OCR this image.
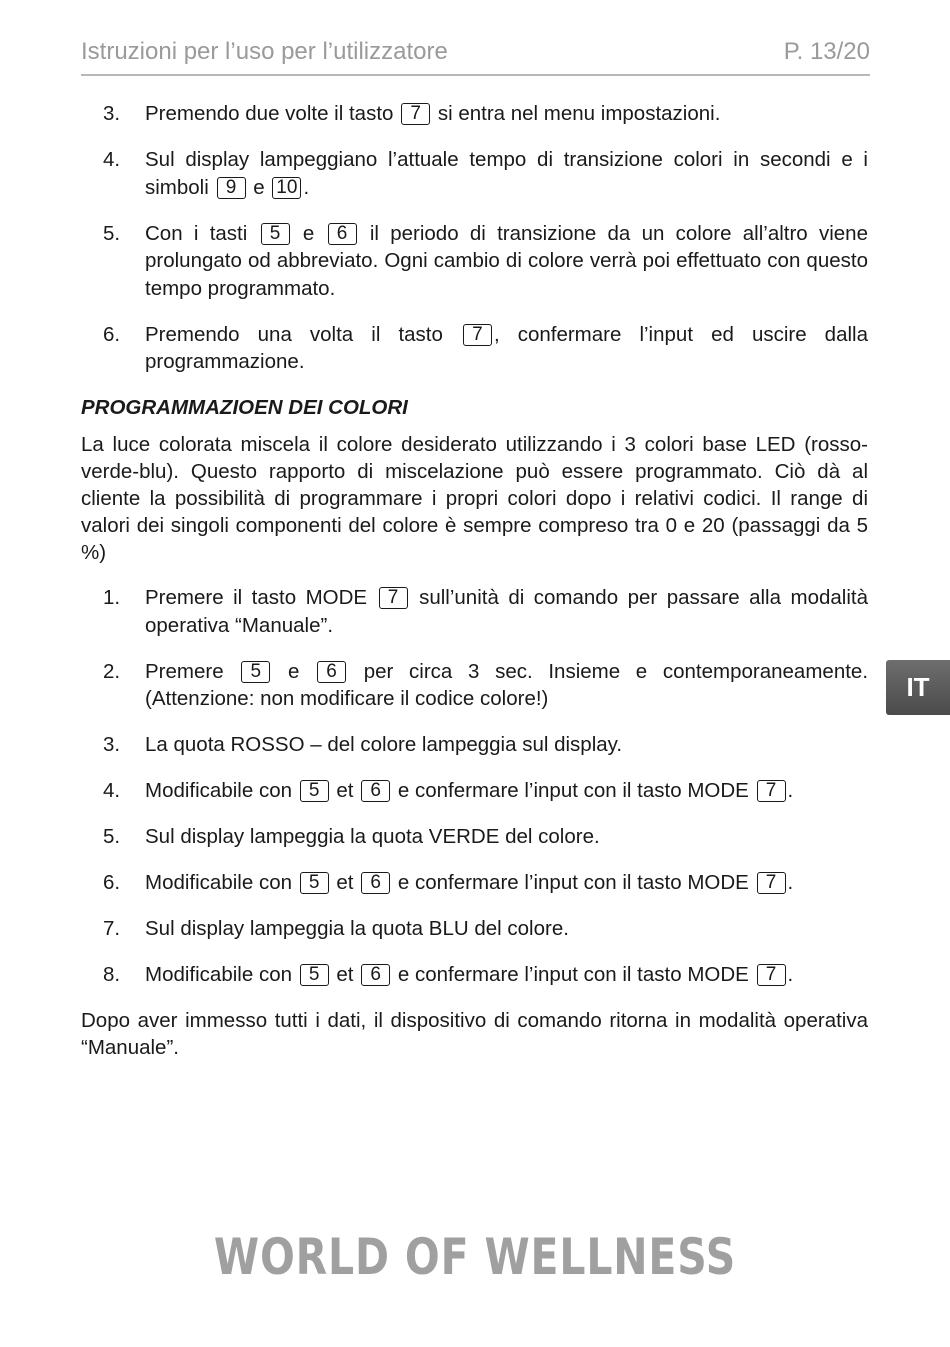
Istruzioni per l’uso per l’utilizzatore	P. 13/20
3. Premendo due volte il tasto 7 si entra nel menu impostazioni.
4. Sul display lampeggiano l’attuale tempo di transizione colori in secondi e i simboli 9 e 10 .
5. Con i tasti 5 e 6 il periodo di transizione da un colore all’altro viene prolungato od abbreviato. Ogni cambio di colore verrà poi effettuato con questo tempo programmato.
6. Premendo una volta il tasto 7 , confermare l’input ed uscire dalla programmazione.
PROGRAMMAZIOEN DEI COLORI

La luce colorata miscela il colore desiderato utilizzando i 3 colori base LED (rosso-verde-blu). Questo rapporto di miscelazione può essere programmato. Ciò dà al cliente la possibilità di programmare i propri colori dopo i relativi codici. Il range di valori dei singoli componenti del colore è sempre compreso tra 0 e 20 (passaggi da 5 %)

1. Premere il tasto MODE 7 sull’unità di comando per passare alla modalità operativa “Manuale”.
2. Premere 5 e 6 per circa 3 sec. Insieme e contemporaneamente. (Attenzione: non modificare il codice colore!)
3. La quota ROSSO – del colore lampeggia sul display.
4. Modificabile con 5 et 6 e confermare l’input con il tasto MODE 7 .
5. Sul display lampeggia la quota VERDE del colore.
6. Modificabile con 5 et 6 e confermare l’input con il tasto MODE 7 .
7. Sul display lampeggia la quota BLU del colore.
8. Modificabile con 5 et 6 e confermare l’input con il tasto MODE 7 .

Dopo aver immesso tutti i dati, il dispositivo di comando ritorna in modalità operativa “Manuale”.

IT
WORLD OF WELLNESS
